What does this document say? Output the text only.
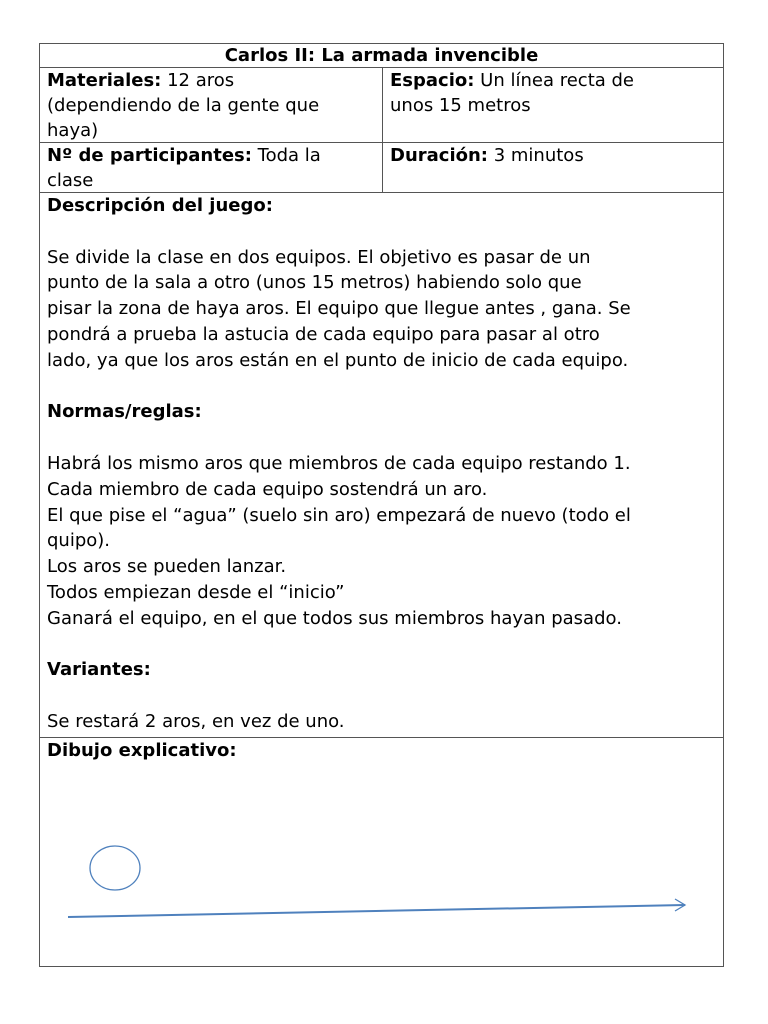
Carlos II: La armada invencible
Materiales: 12 aros
(dependiendo de la gente que
haya)
Espacio: Un línea recta de
unos 15 metros
Nº de participantes: Toda la
clase
Duración: 3 minutos
Descripción del juego:
Se divide la clase en dos equipos. El objetivo es pasar de un
punto de la sala a otro (unos 15 metros) habiendo solo que
pisar la zona de haya aros. El equipo que llegue antes , gana. Se
pondrá a prueba la astucia de cada equipo para pasar al otro
lado, ya que los aros están en el punto de inicio de cada equipo.
Normas/reglas:
Habrá los mismo aros que miembros de cada equipo restando 1.
Cada miembro de cada equipo sostendrá un aro.
El que pise el “agua” (suelo sin aro) empezará de nuevo (todo el
quipo).
Los aros se pueden lanzar.
Todos empiezan desde el “inicio”
Ganará el equipo, en el que todos sus miembros hayan pasado.
Variantes:
Se restará 2 aros, en vez de uno.
Dibujo explicativo:
